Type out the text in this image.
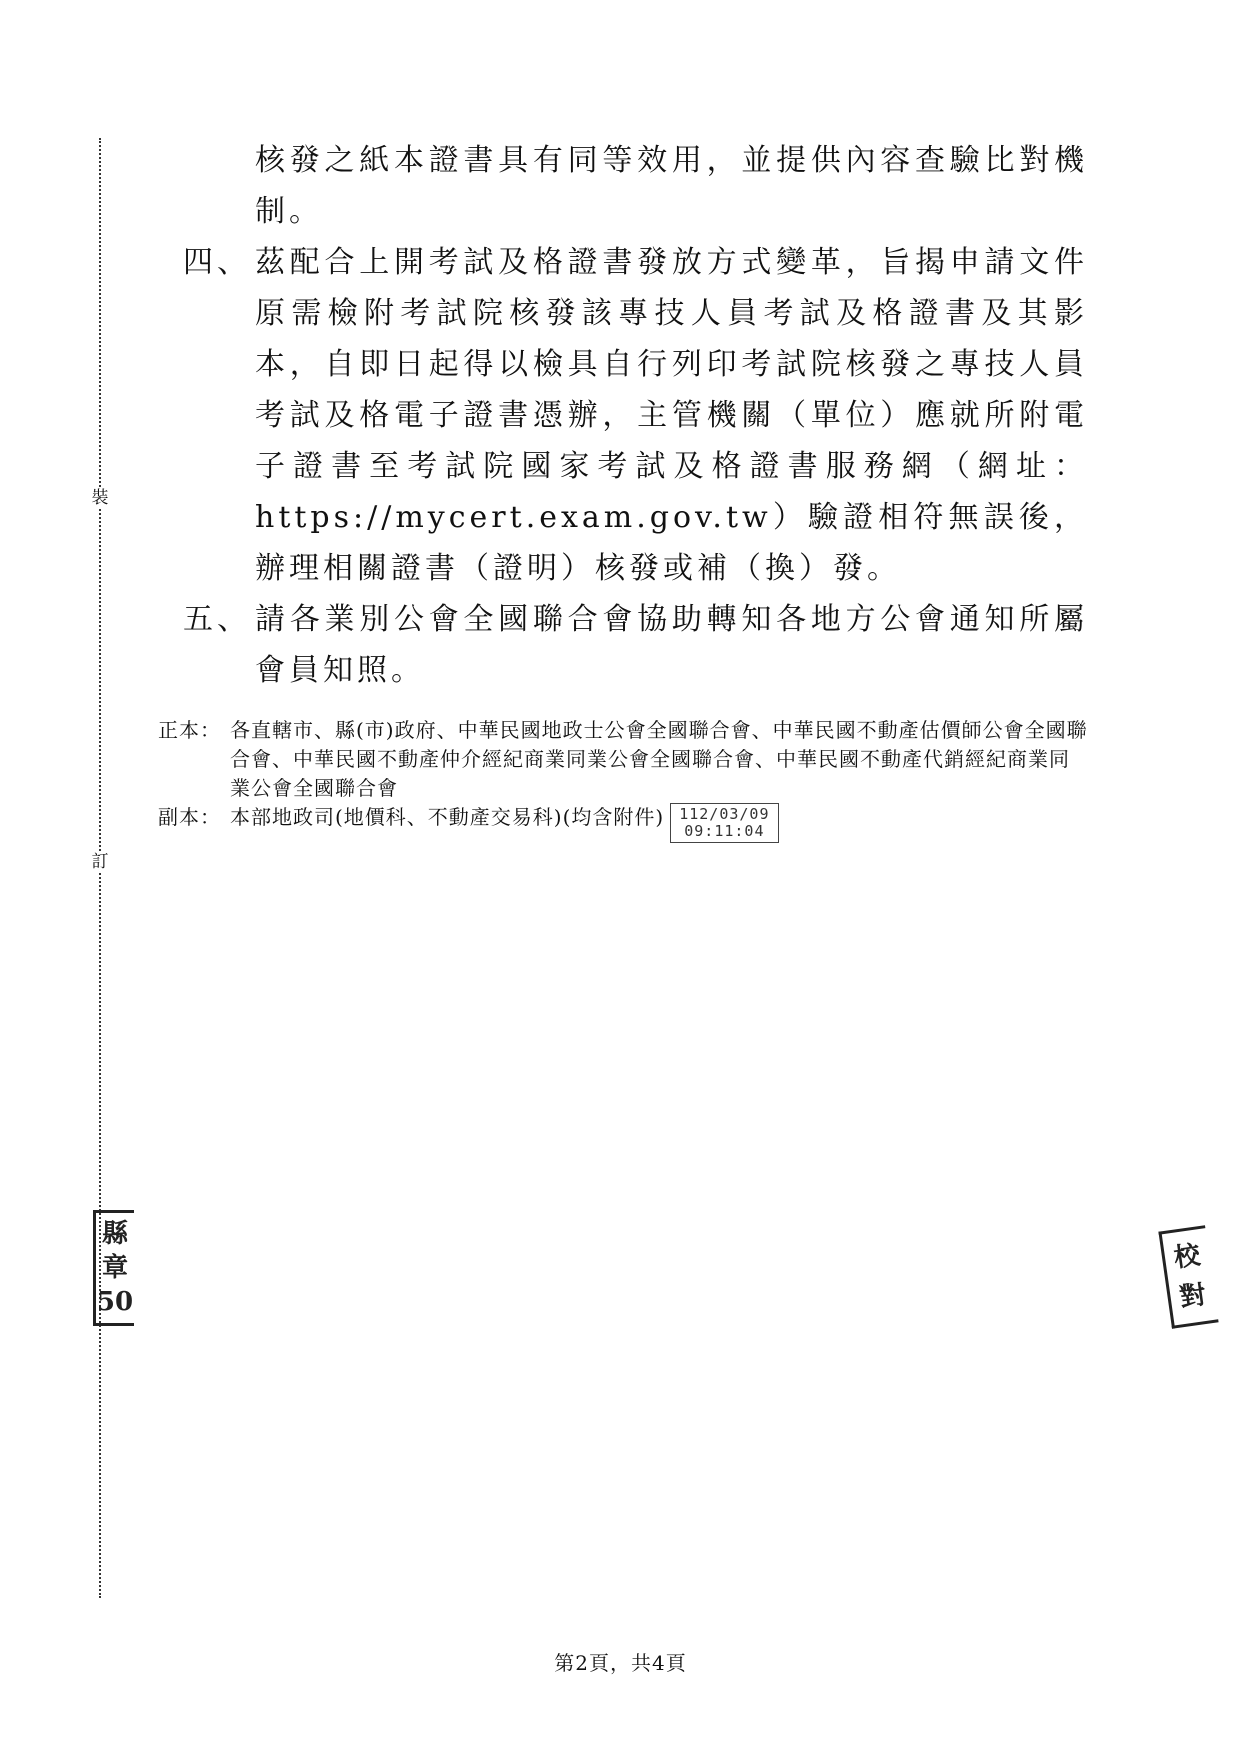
裝
訂
核發之紙本證書具有同等效用，並提供內容查驗比對機制。
四、 茲配合上開考試及格證書發放方式變革，旨揭申請文件原需檢附考試院核發該專技人員考試及格證書及其影本，自即日起得以檢具自行列印考試院核發之專技人員考試及格電子證書憑辦，主管機關（單位）應就所附電子證書至考試院國家考試及格證書服務網（網址：https://mycert.exam.gov.tw）驗證相符無誤後，辦理相關證書（證明）核發或補（換）發。
五、 請各業別公會全國聯合會協助轉知各地方公會通知所屬會員知照。
正本： 各直轄市、縣(市)政府、中華民國地政士公會全國聯合會、中華民國不動產估價師公會全國聯合會、中華民國不動產仲介經紀商業同業公會全國聯合會、中華民國不動產代銷經紀商業同業公會全國聯合會
副本： 本部地政司(地價科、不動產交易科)(均含附件) 112/03/09
09:11:04
縣
章
50
校
對
第2頁，共4頁
